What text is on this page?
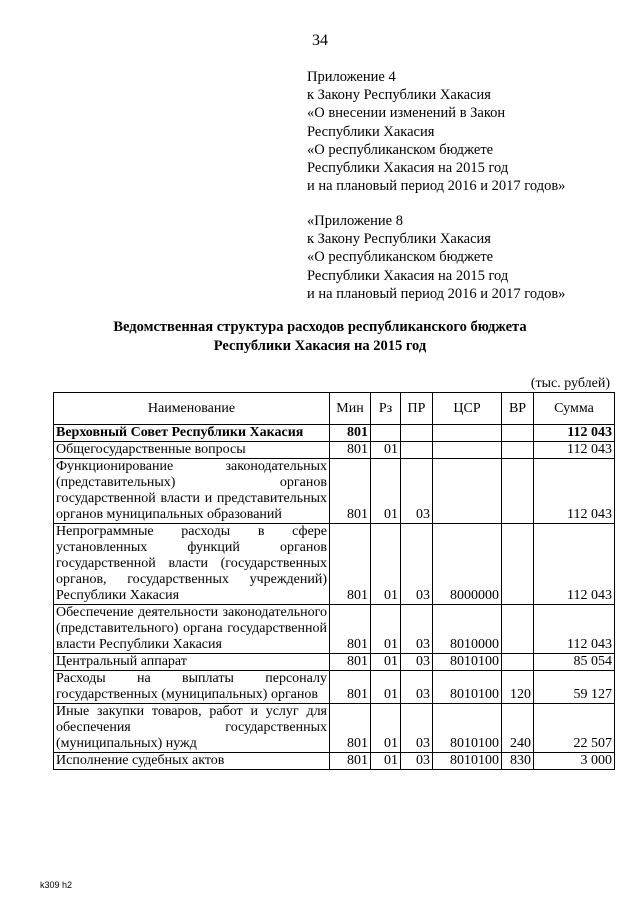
34
Приложение 4
к Закону Республики Хакасия
«О внесении изменений в Закон
Республики Хакасия
«О республиканском бюджете
Республики Хакасия на 2015 год
и на плановый период 2016 и 2017 годов»
«Приложение 8
к Закону Республики Хакасия
«О республиканском бюджете
Республики Хакасия на 2015 год
и на плановый период 2016 и 2017 годов»
Ведомственная структура расходов республиканского бюджета
Республики Хакасия на 2015 год
(тыс. рублей)
Наименование	Мин	Рз	ПР	ЦСР	ВР	Сумма
Верховный Совет Республики Хакасия	801					112 043
Общегосударственные вопросы	801	01				112 043
Функционирование законодательных (представительных) органов государственной власти и представительных органов муниципальных образований	801	01	03			112 043
Непрограммные расходы в сфере установленных функций органов государственной власти (государственных органов, государственных учреждений) Республики Хакасия	801	01	03	8000000		112 043
Обеспечение деятельности законодательного (представительного) органа государственной власти Республики Хакасия	801	01	03	8010000		112 043
Центральный аппарат	801	01	03	8010100		85 054
Расходы на выплаты персоналу государственных (муниципальных) органов	801	01	03	8010100	120	59 127
Иные закупки товаров, работ и услуг для обеспечения государственных (муниципальных) нужд	801	01	03	8010100	240	22 507
Исполнение судебных актов	801	01	03	8010100	830	3 000
k309 h2
